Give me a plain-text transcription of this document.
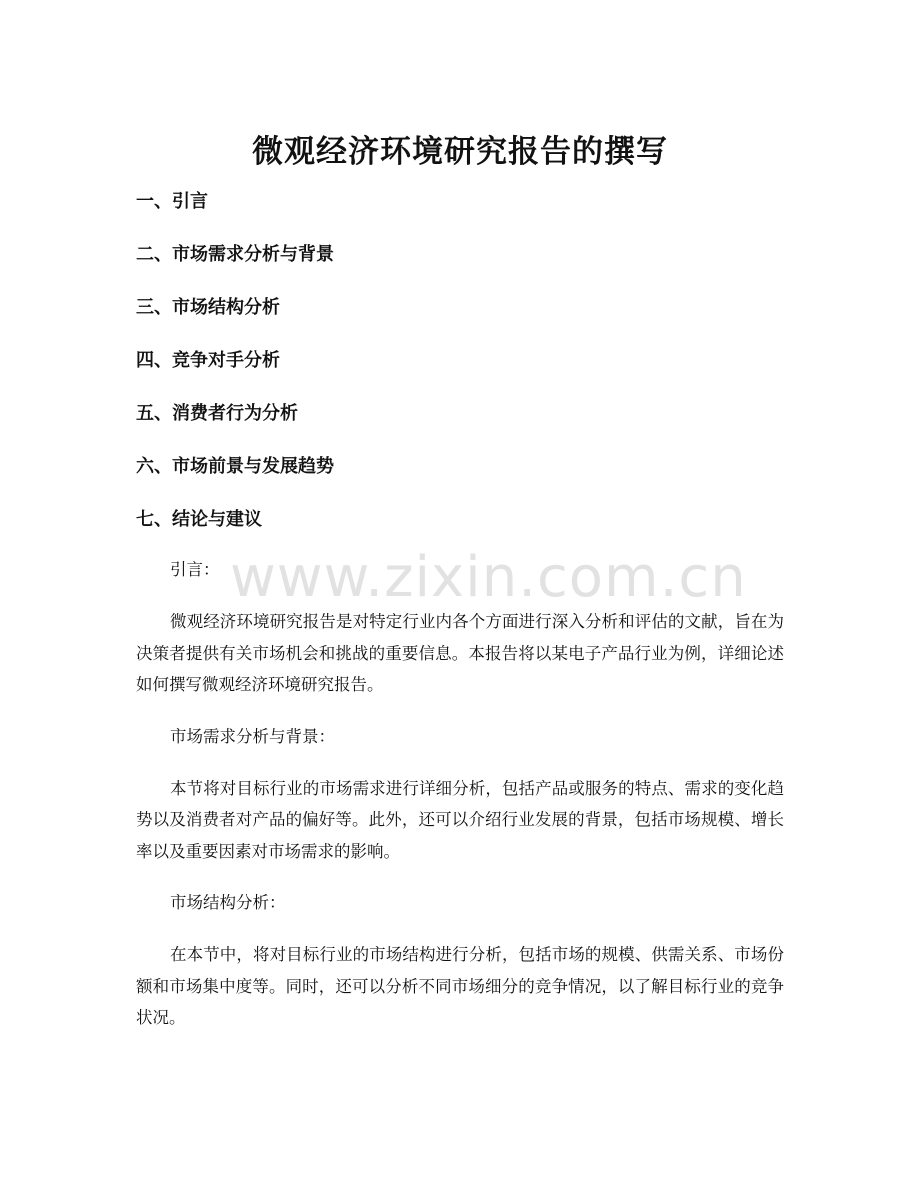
微观经济环境研究报告的撰写
一、引言
二、市场需求分析与背景
三、市场结构分析
四、竞争对手分析
五、消费者行为分析
六、市场前景与发展趋势
七、结论与建议

引言：

微观经济环境研究报告是对特定行业内各个方面进行深入分析和评估的文献，旨在为决策者提供有关市场机会和挑战的重要信息。本报告将以某电子产品行业为例，详细论述如何撰写微观经济环境研究报告。

市场需求分析与背景：

本节将对目标行业的市场需求进行详细分析，包括产品或服务的特点、需求的变化趋势以及消费者对产品的偏好等。此外，还可以介绍行业发展的背景，包括市场规模、增长率以及重要因素对市场需求的影响。

市场结构分析：

在本节中，将对目标行业的市场结构进行分析，包括市场的规模、供需关系、市场份额和市场集中度等。同时，还可以分析不同市场细分的竞争情况，以了解目标行业的竞争状况。

www.zixin.com.cn
